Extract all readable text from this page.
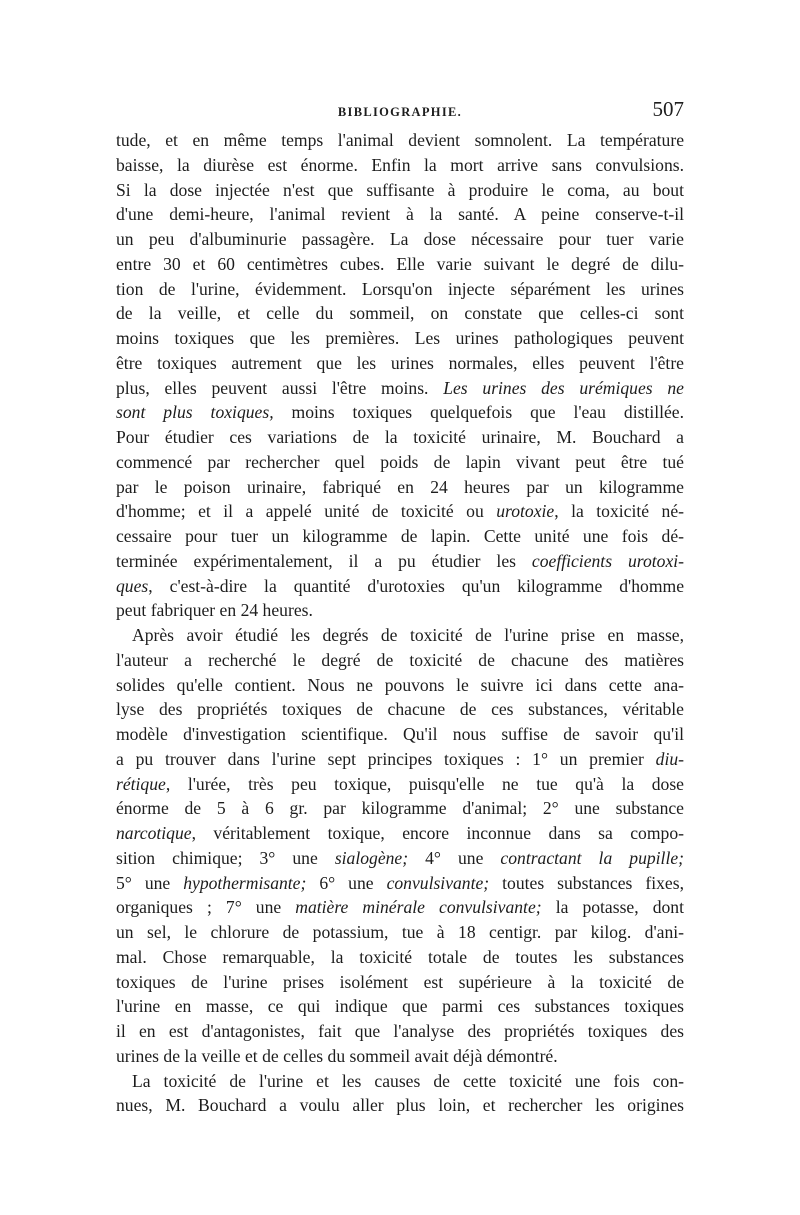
BIBLIOGRAPHIE.	507
tude, et en même temps l'animal devient somnolent. La température
baisse, la diurèse est énorme. Enfin la mort arrive sans convulsions.
Si la dose injectée n'est que suffisante à produire le coma, au bout
d'une demi-heure, l'animal revient à la santé. A peine conserve-t-il
un peu d'albuminurie passagère. La dose nécessaire pour tuer varie
entre 30 et 60 centimètres cubes. Elle varie suivant le degré de dilu-
tion de l'urine, évidemment. Lorsqu'on injecte séparément les urines
de la veille, et celle du sommeil, on constate que celles-ci sont
moins toxiques que les premières. Les urines pathologiques peuvent
être toxiques autrement que les urines normales, elles peuvent l'être
plus, elles peuvent aussi l'être moins. Les urines des urémiques ne
sont plus toxiques, moins toxiques quelquefois que l'eau distillée.
Pour étudier ces variations de la toxicité urinaire, M. Bouchard a
commencé par rechercher quel poids de lapin vivant peut être tué
par le poison urinaire, fabriqué en 24 heures par un kilogramme
d'homme; et il a appelé unité de toxicité ou urotoxie, la toxicité né-
cessaire pour tuer un kilogramme de lapin. Cette unité une fois dé-
terminée expérimentalement, il a pu étudier les coefficients urotoxi-
ques, c'est-à-dire la quantité d'urotoxies qu'un kilogramme d'homme
peut fabriquer en 24 heures.
Après avoir étudié les degrés de toxicité de l'urine prise en masse,
l'auteur a recherché le degré de toxicité de chacune des matières
solides qu'elle contient. Nous ne pouvons le suivre ici dans cette ana-
lyse des propriétés toxiques de chacune de ces substances, véritable
modèle d'investigation scientifique. Qu'il nous suffise de savoir qu'il
a pu trouver dans l'urine sept principes toxiques : 1° un premier diu-
rétique, l'urée, très peu toxique, puisqu'elle ne tue qu'à la dose
énorme de 5 à 6 gr. par kilogramme d'animal; 2° une substance
narcotique, véritablement toxique, encore inconnue dans sa compo-
sition chimique; 3° une sialogène; 4° une contractant la pupille;
5° une hypothermisante; 6° une convulsivante; toutes substances fixes,
organiques ; 7° une matière minérale convulsivante; la potasse, dont
un sel, le chlorure de potassium, tue à 18 centigr. par kilog. d'ani-
mal. Chose remarquable, la toxicité totale de toutes les substances
toxiques de l'urine prises isolément est supérieure à la toxicité de
l'urine en masse, ce qui indique que parmi ces substances toxiques
il en est d'antagonistes, fait que l'analyse des propriétés toxiques des
urines de la veille et de celles du sommeil avait déjà démontré.
La toxicité de l'urine et les causes de cette toxicité une fois con-
nues, M. Bouchard a voulu aller plus loin, et rechercher les origines
